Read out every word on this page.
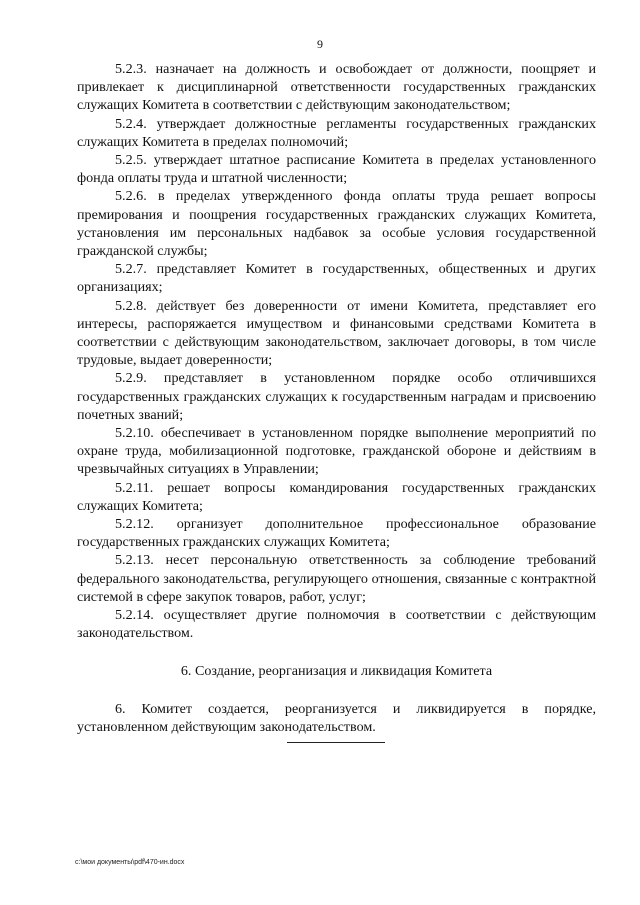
9

5.2.3. назначает на должность и освобождает от должности, поощряет и привлекает к дисциплинарной ответственности государственных гражданских служащих Комитета в соответствии с действующим законодательством;

5.2.4. утверждает должностные регламенты государственных гражданских служащих Комитета в пределах полномочий;

5.2.5. утверждает штатное расписание Комитета в пределах установленного фонда оплаты труда и штатной численности;

5.2.6. в пределах утвержденного фонда оплаты труда решает вопросы премирования и поощрения государственных гражданских служащих Комитета, установления им персональных надбавок за особые условия государственной гражданской службы;

5.2.7. представляет Комитет в государственных, общественных и других организациях;

5.2.8. действует без доверенности от имени Комитета, представляет его интересы, распоряжается имуществом и финансовыми средствами Комитета в соответствии с действующим законодательством, заключает договоры, в том числе трудовые, выдает доверенности;

5.2.9. представляет в установленном порядке особо отличившихся государственных гражданских служащих к государственным наградам и присвоению почетных званий;

5.2.10. обеспечивает в установленном порядке выполнение мероприятий по охране труда, мобилизационной подготовке, гражданской обороне и действиям в чрезвычайных ситуациях в Управлении;

5.2.11. решает вопросы командирования государственных гражданских служащих Комитета;

5.2.12. организует дополнительное профессиональное образование государственных гражданских служащих Комитета;

5.2.13. несет персональную ответственность за соблюдение требований федерального законодательства, регулирующего отношения, связанные с контрактной системой в сфере закупок товаров, работ, услуг;

5.2.14. осуществляет другие полномочия в соответствии с действующим законодательством.

6. Создание, реорганизация и ликвидация Комитета

6. Комитет создается, реорганизуется и ликвидируется в порядке, установленном действующим законодательством.

c:\мои документы\pdf\470-ин.docx
